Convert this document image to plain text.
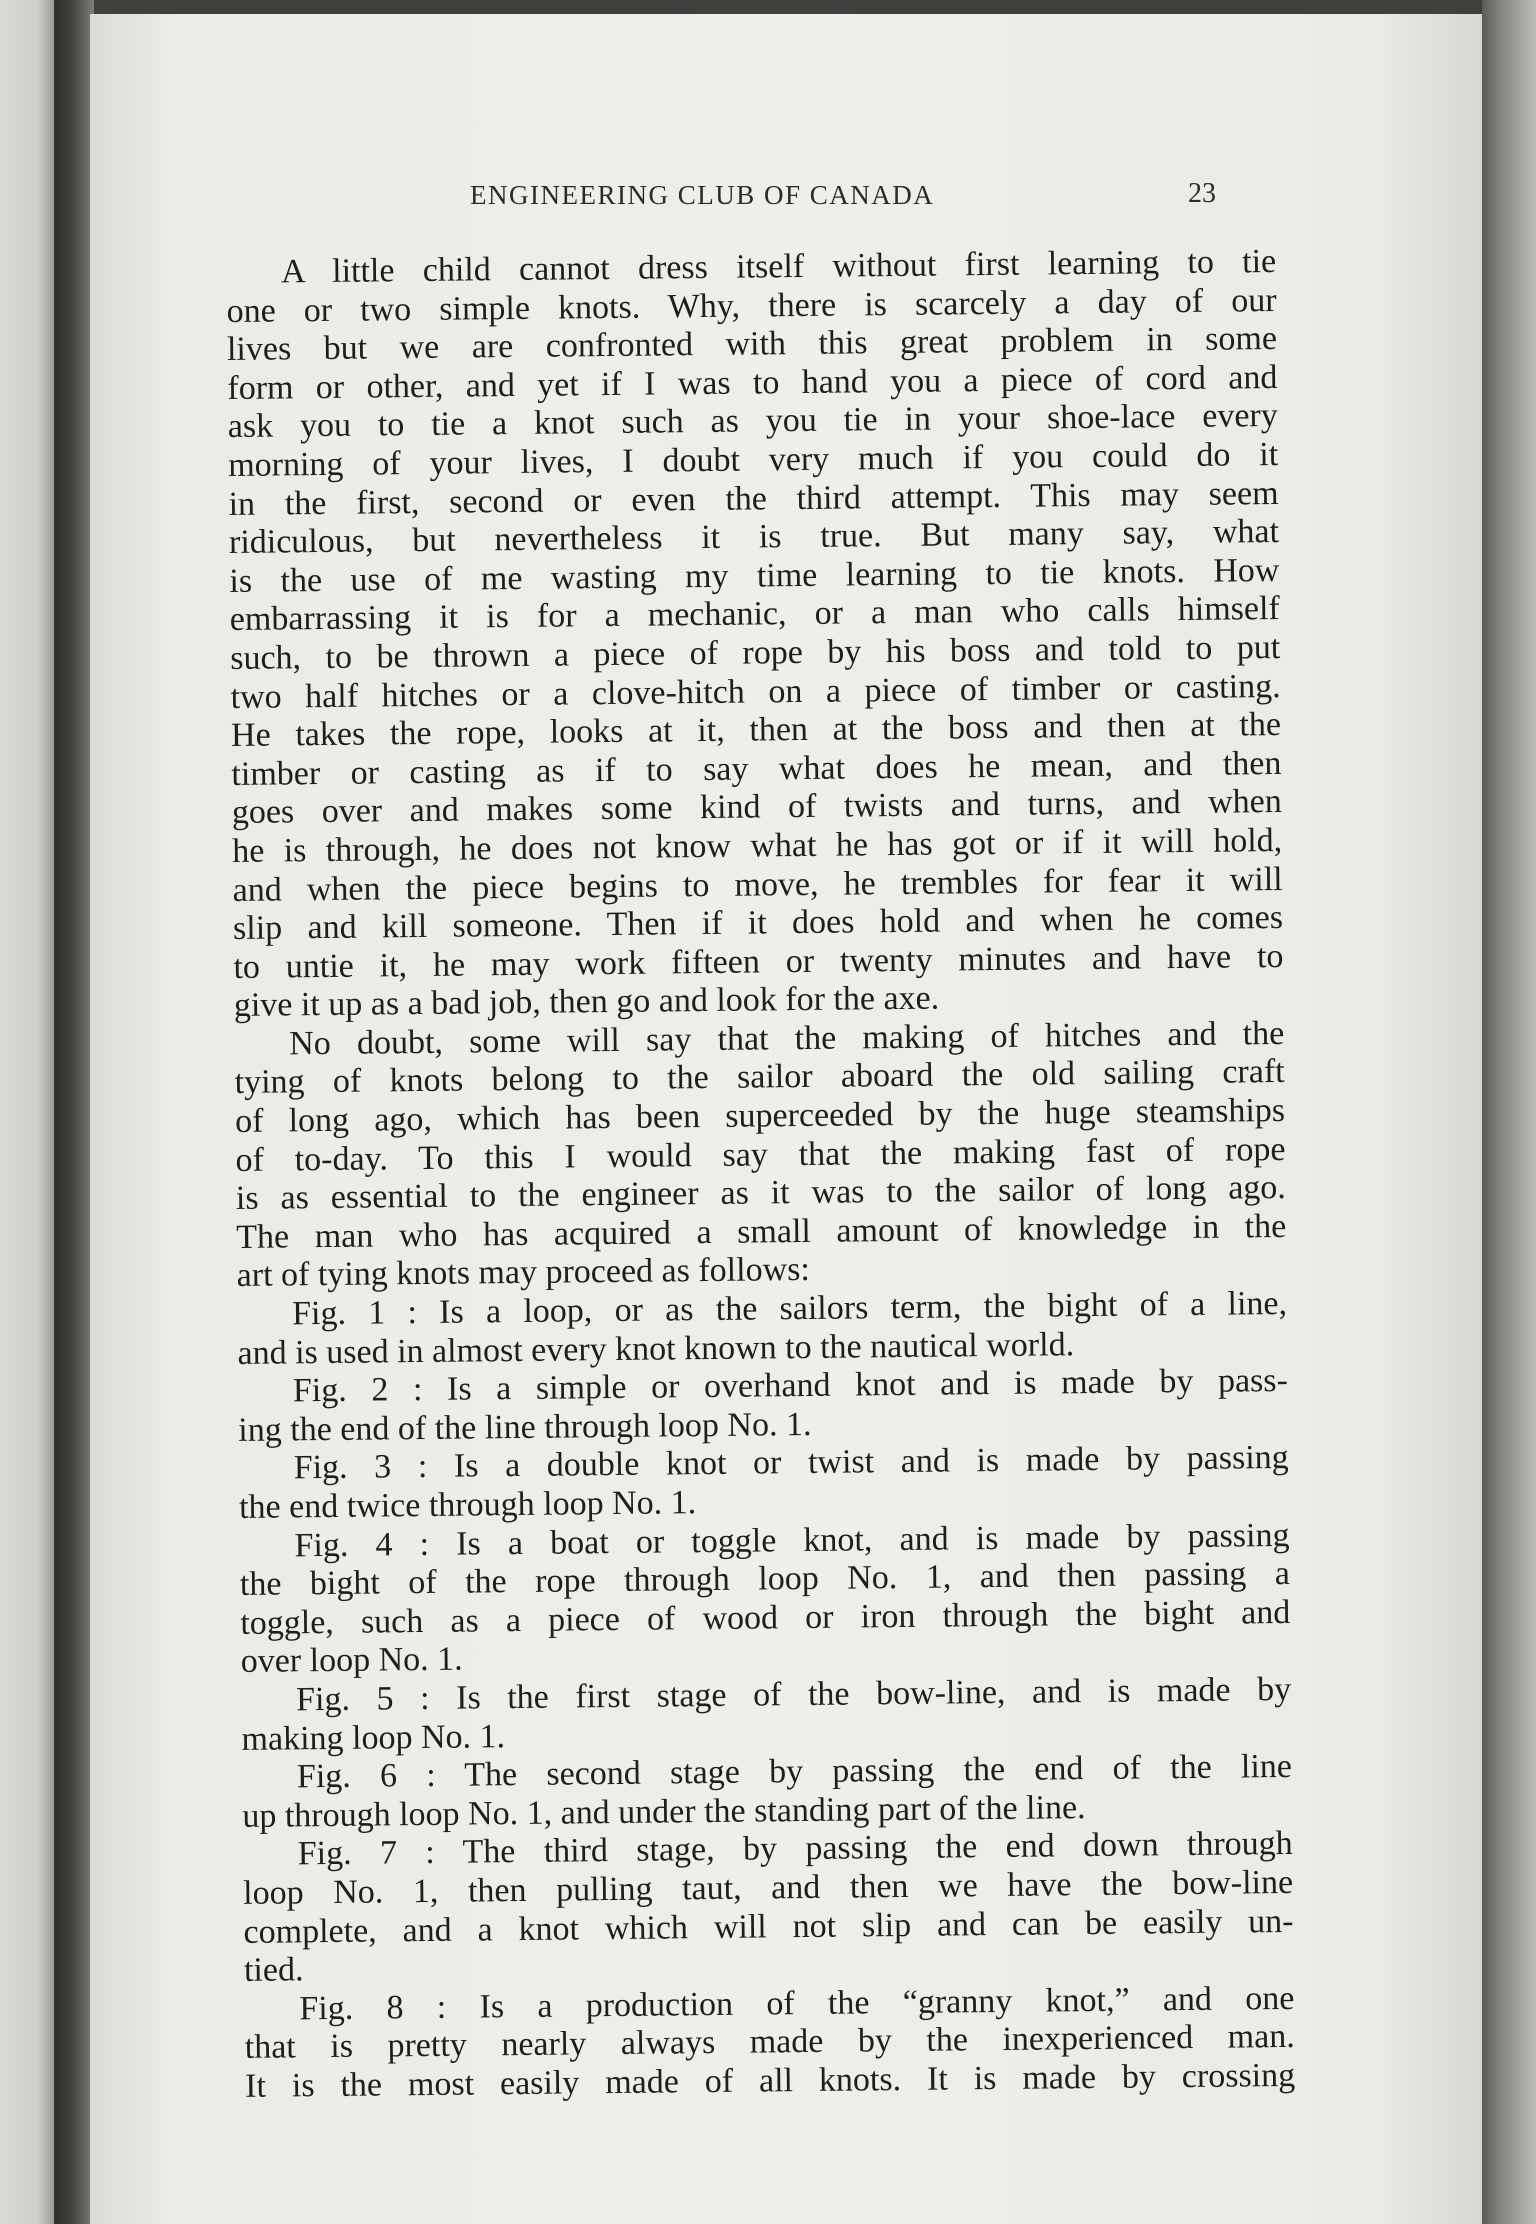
ENGINEERING CLUB OF CANADA	23
A little child cannot dress itself without first learning to tie
one or two simple knots. Why, there is scarcely a day of our
lives but we are confronted with this great problem in some
form or other, and yet if I was to hand you a piece of cord and
ask you to tie a knot such as you tie in your shoe-lace every
morning of your lives, I doubt very much if you could do it
in the first, second or even the third attempt. This may seem
ridiculous, but nevertheless it is true. But many say, what
is the use of me wasting my time learning to tie knots. How
embarrassing it is for a mechanic, or a man who calls himself
such, to be thrown a piece of rope by his boss and told to put
two half hitches or a clove-hitch on a piece of timber or casting.
He takes the rope, looks at it, then at the boss and then at the
timber or casting as if to say what does he mean, and then
goes over and makes some kind of twists and turns, and when
he is through, he does not know what he has got or if it will hold,
and when the piece begins to move, he trembles for fear it will
slip and kill someone. Then if it does hold and when he comes
to untie it, he may work fifteen or twenty minutes and have to
give it up as a bad job, then go and look for the axe.
No doubt, some will say that the making of hitches and the
tying of knots belong to the sailor aboard the old sailing craft
of long ago, which has been superceeded by the huge steamships
of to-day. To this I would say that the making fast of rope
is as essential to the engineer as it was to the sailor of long ago.
The man who has acquired a small amount of knowledge in the
art of tying knots may proceed as follows:
Fig. 1 : Is a loop, or as the sailors term, the bight of a line,
and is used in almost every knot known to the nautical world.
Fig. 2 : Is a simple or overhand knot and is made by pass-
ing the end of the line through loop No. 1.
Fig. 3 : Is a double knot or twist and is made by passing
the end twice through loop No. 1.
Fig. 4 : Is a boat or toggle knot, and is made by passing
the bight of the rope through loop No. 1, and then passing a
toggle, such as a piece of wood or iron through the bight and
over loop No. 1.
Fig. 5 : Is the first stage of the bow-line, and is made by
making loop No. 1.
Fig. 6 : The second stage by passing the end of the line
up through loop No. 1, and under the standing part of the line.
Fig. 7 : The third stage, by passing the end down through
loop No. 1, then pulling taut, and then we have the bow-line
complete, and a knot which will not slip and can be easily un-
tied.
Fig. 8 : Is a production of the “granny knot,” and one
that is pretty nearly always made by the inexperienced man.
It is the most easily made of all knots. It is made by crossing
